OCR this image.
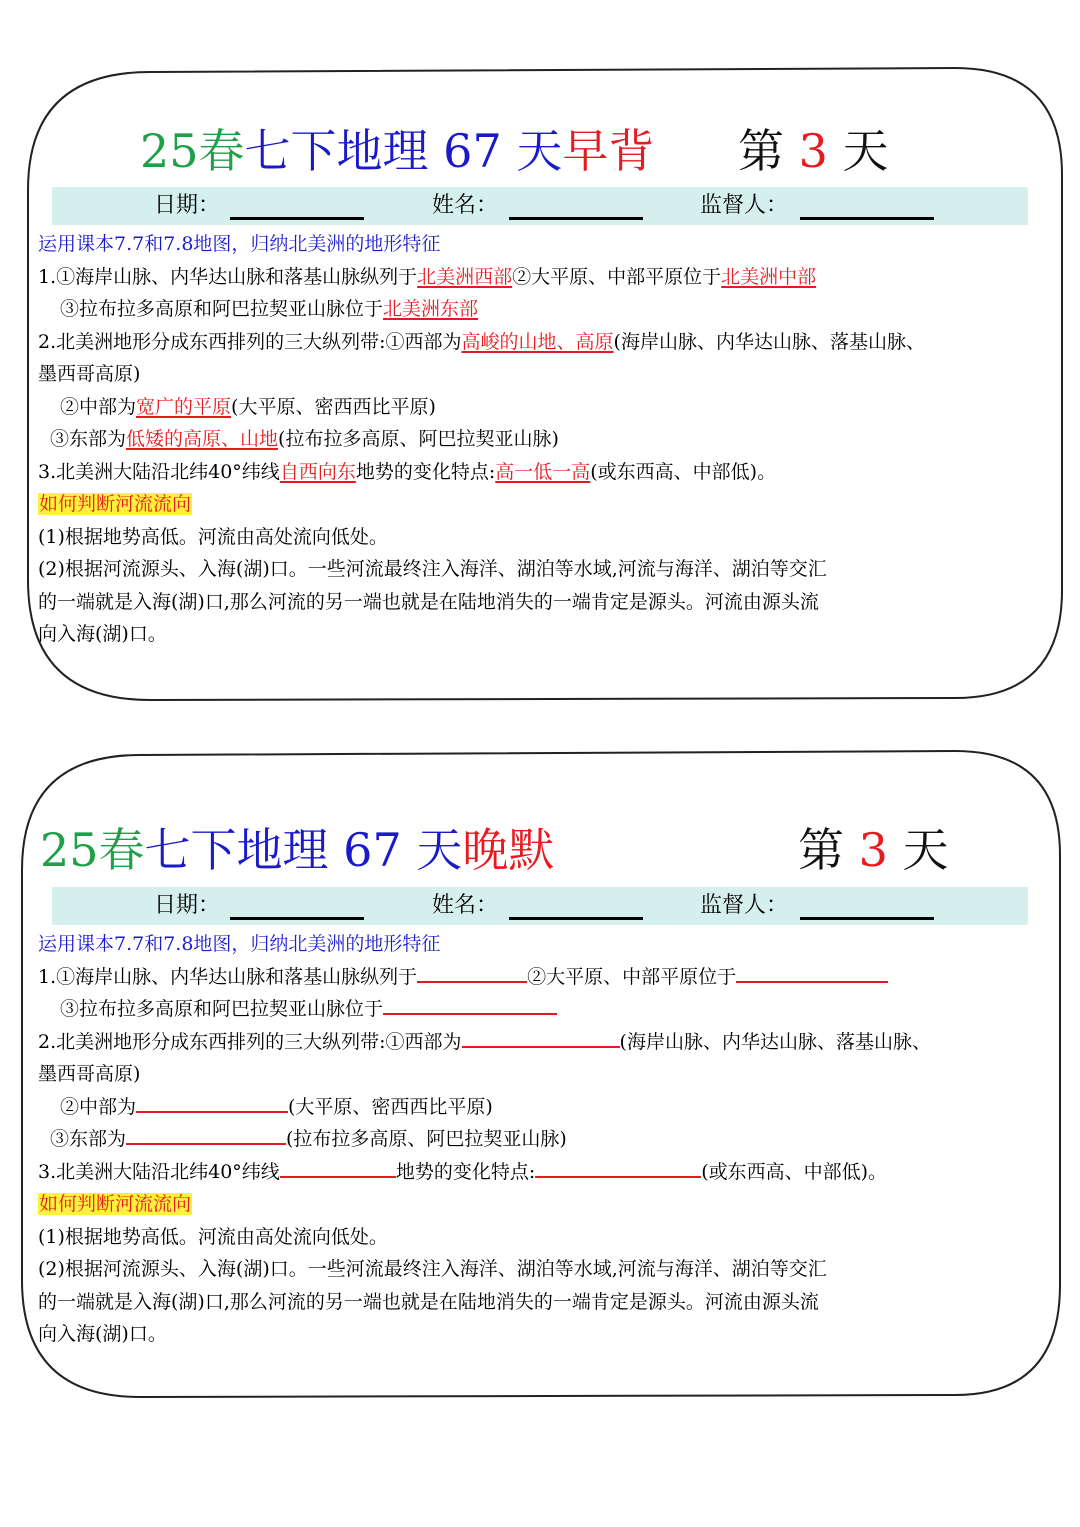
25春七下地理 67 天早背 第 3 天
日期：	姓名：	监督人：
运用课本7.7和7.8地图，归纳北美洲的地形特征
1.①海岸山脉、内华达山脉和落基山脉纵列于北美洲西部②大平原、中部平原位于北美洲中部
③拉布拉多高原和阿巴拉契亚山脉位于北美洲东部
2.北美洲地形分成东西排列的三大纵列带:①西部为高峻的山地、高原(海岸山脉、内华达山脉、落基山脉、
墨西哥高原)
②中部为宽广的平原(大平原、密西西比平原)
③东部为低矮的高原、山地(拉布拉多高原、阿巴拉契亚山脉)
3.北美洲大陆沿北纬40°纬线自西向东地势的变化特点:高一低一高(或东西高、中部低)。
如何判断河流流向
(1)根据地势高低。河流由高处流向低处。
(2)根据河流源头、入海(湖)口。一些河流最终注入海洋、湖泊等水域,河流与海洋、湖泊等交汇
的一端就是入海(湖)口,那么河流的另一端也就是在陆地消失的一端肯定是源头。河流由源头流
向入海(湖)口。
25春七下地理 67 天晚默	第 3 天
日期：	姓名：	监督人：
运用课本7.7和7.8地图，归纳北美洲的地形特征
1.①海岸山脉、内华达山脉和落基山脉纵列于	②大平原、中部平原位于
③拉布拉多高原和阿巴拉契亚山脉位于
2.北美洲地形分成东西排列的三大纵列带:①西部为	(海岸山脉、内华达山脉、落基山脉、
墨西哥高原)
②中部为	(大平原、密西西比平原)
③东部为	(拉布拉多高原、阿巴拉契亚山脉)
3.北美洲大陆沿北纬40°纬线	地势的变化特点:	(或东西高、中部低)。
如何判断河流流向
(1)根据地势高低。河流由高处流向低处。
(2)根据河流源头、入海(湖)口。一些河流最终注入海洋、湖泊等水域,河流与海洋、湖泊等交汇
的一端就是入海(湖)口,那么河流的另一端也就是在陆地消失的一端肯定是源头。河流由源头流
向入海(湖)口。
